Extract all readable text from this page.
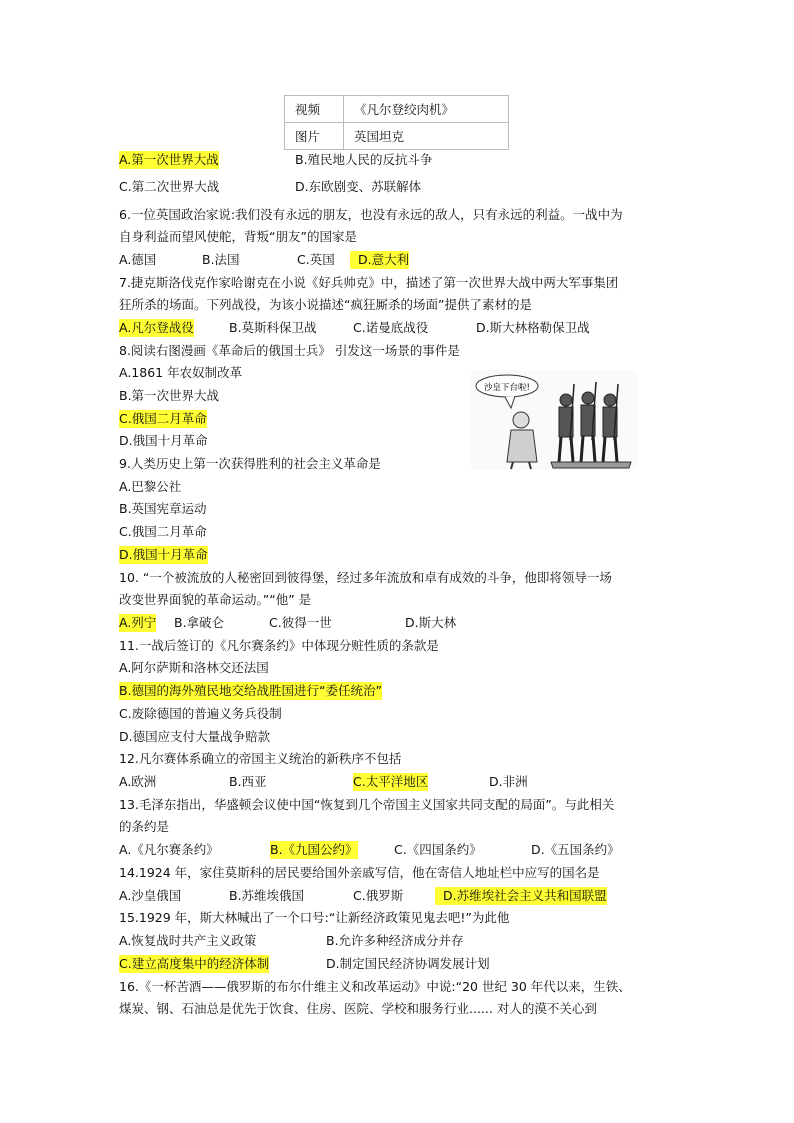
视频	《凡尔登绞肉机》
图片	英国坦克
A.第一次世界大战	B.殖民地人民的反抗斗争
C.第二次世界大战	D.东欧剧变、苏联解体
6.一位英国政治家说:我们没有永远的朋友，也没有永远的敌人，只有永远的利益。一战中为
自身利益而望风使舵，背叛“朋友”的国家是
A.德国	B.法国	C.英国	D.意大利
7.捷克斯洛伐克作家哈谢克在小说《好兵帅克》中，描述了第一次世界大战中两大军事集团
狂所杀的场面。下列战役，为该小说描述“疯狂厮杀的场面”提供了素材的是
A.凡尔登战役	B.莫斯科保卫战	C.诺曼底战役	D.斯大林格勒保卫战
8.阅读右图漫画《革命后的俄国士兵》 引发这一场景的事件是
A.1861 年农奴制改革
B.第一次世界大战
C.俄国二月革命
D.俄国十月革命
沙皇下台啦!
9.人类历史上第一次获得胜利的社会主义革命是
A.巴黎公社
B.英国宪章运动
C.俄国二月革命
D.俄国十月革命
10. “一个被流放的人秘密回到彼得堡，经过多年流放和卓有成效的斗争，他即将领导一场
改变世界面貌的革命运动。”“他” 是
A.列宁 B.拿破仑	C.彼得一世	D.斯大林
11.一战后签订的《凡尔赛条约》中体现分赃性质的条款是
A.阿尔萨斯和洛林交还法国
B.德国的海外殖民地交给战胜国进行“委任统治”
C.废除德国的普遍义务兵役制
D.德国应支付大量战争赔款
12.凡尔赛体系确立的帝国主义统治的新秩序不包括
A.欧洲	B.西亚	C.太平洋地区	D.非洲
13.毛泽东指出，华盛顿会议使中国“恢复到几个帝国主义国家共同支配的局面”。与此相关
的条约是
A.《凡尔赛条约》	B.《九国公约》	C.《四国条约》	D.《五国条约》
14.1924 年，家住莫斯科的居民要给国外亲戚写信，他在寄信人地址栏中应写的国名是
A.沙皇俄国	B.苏维埃俄国	C.俄罗斯	D.苏维埃社会主义共和国联盟
15.1929 年，斯大林喊出了一个口号:“让新经济政策见鬼去吧!”为此他
A.恢复战时共产主义政策	B.允许多种经济成分并存
C.建立高度集中的经济体制	D.制定国民经济协调发展计划
16.《一杯苦酒——俄罗斯的布尔什维主义和改革运动》中说:“20 世纪 30 年代以来，生铁、
煤炭、钢、石油总是优先于饮食、住房、医院、学校和服务行业...... 对人的漠不关心到
